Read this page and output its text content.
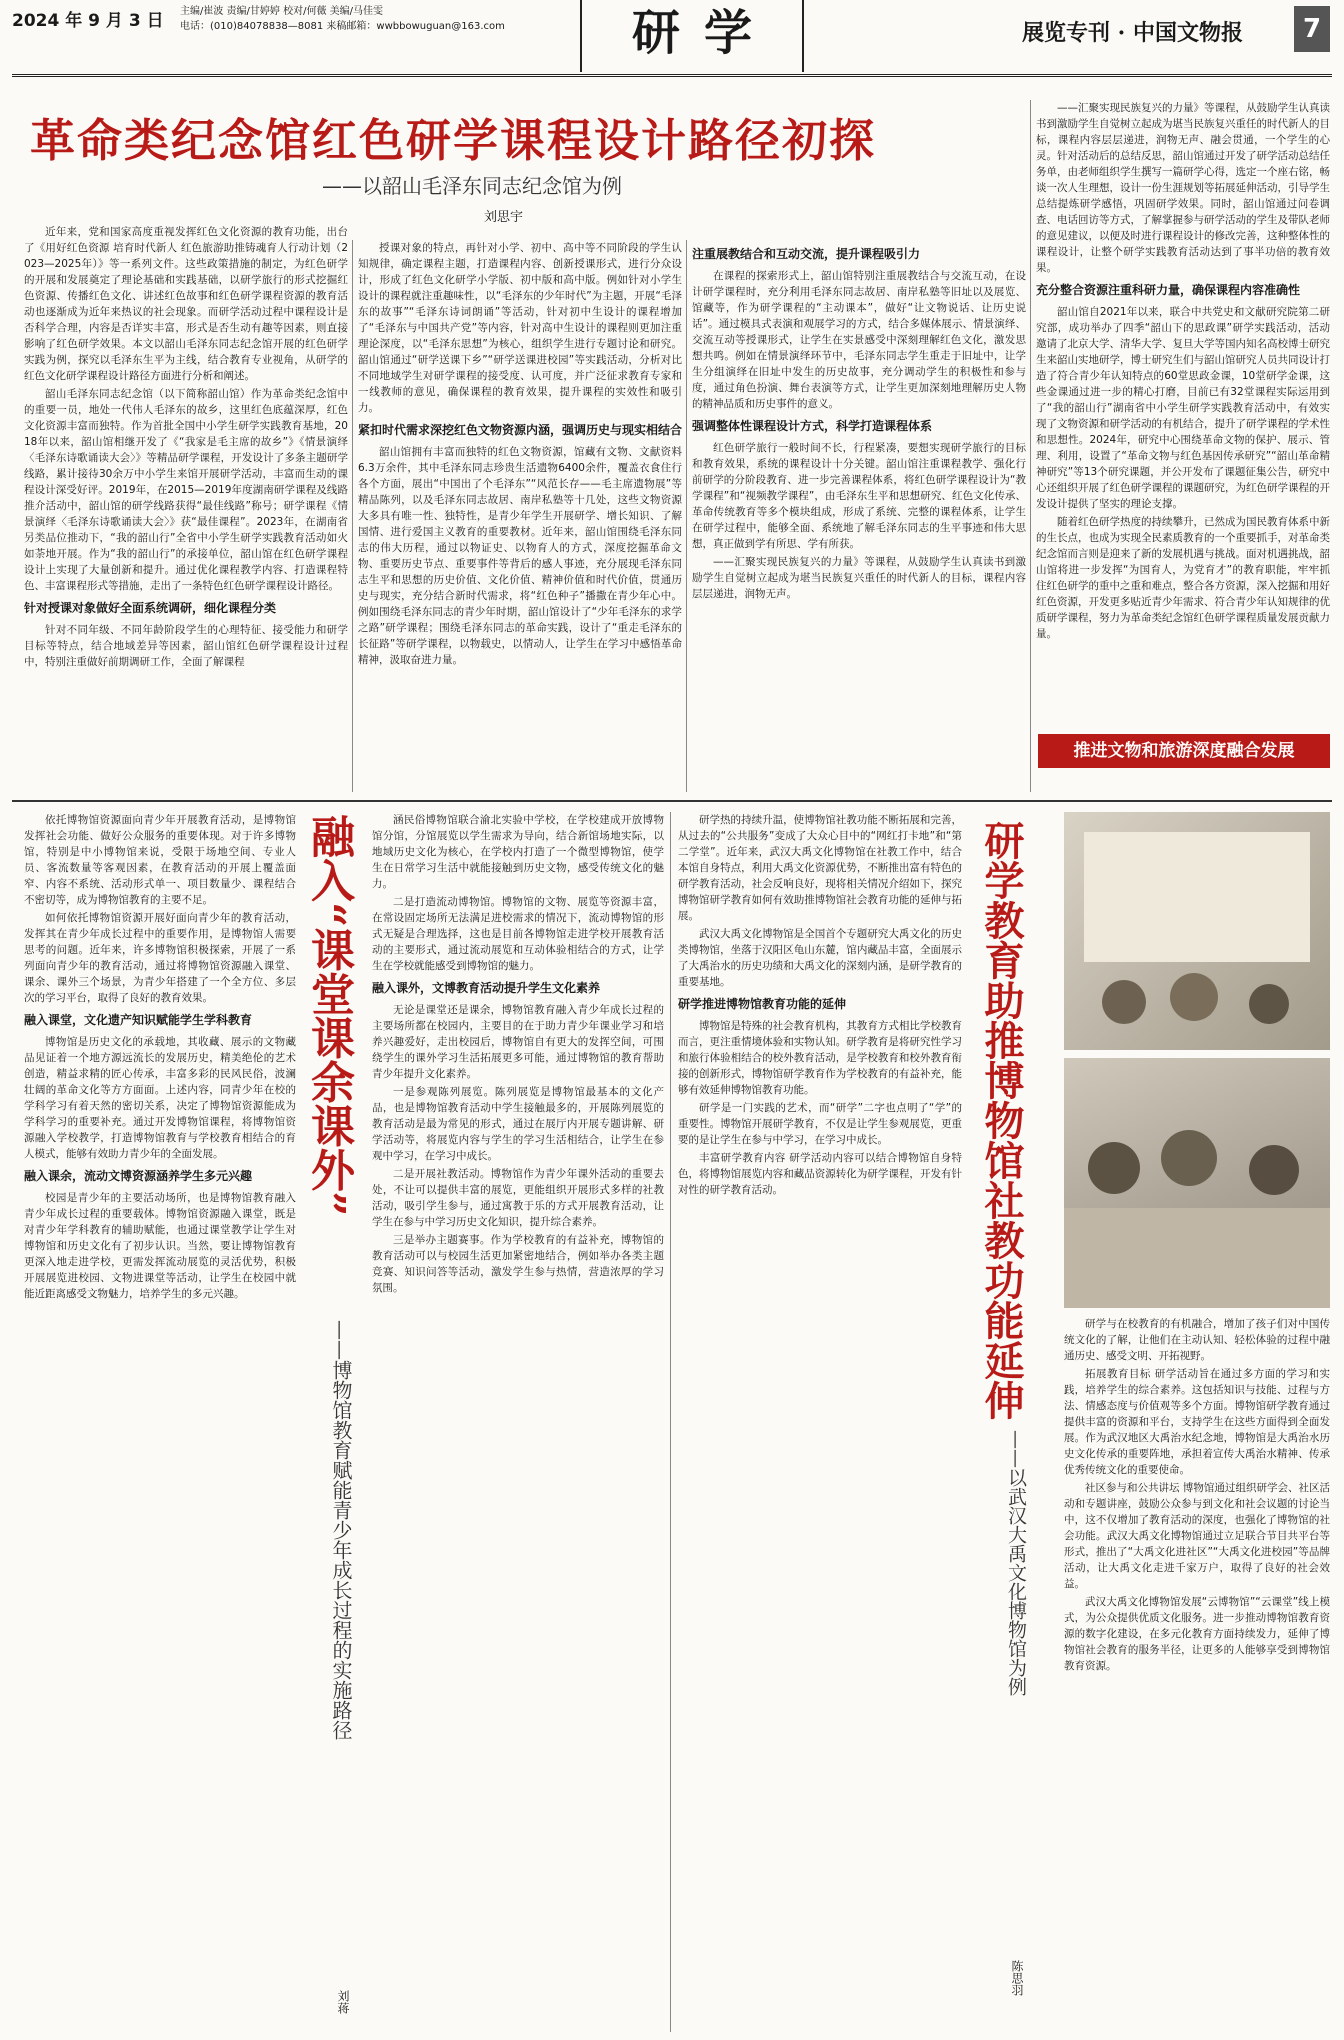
2024 年 9 月 3 日 主编/崔波 责编/甘婷婷 校对/何薇 美编/马佳雯
电话：(010)84078838—8081 来稿邮箱：wwbbowuguan@163.com	研学	展览专刊 · 中国文物报	7
革命类纪念馆红色研学课程设计路径初探
——以韶山毛泽东同志纪念馆为例
刘思宇

近年来，党和国家高度重视发挥红色文化资源的教育功能，出台了《用好红色资源 培育时代新人 红色旅游助推铸魂育人行动计划（2023—2025年）》等一系列文件。这些政策措施的制定，为红色研学的开展和发展奠定了理论基础和实践基础，以研学旅行的形式挖掘红色资源、传播红色文化、讲述红色故事和红色研学课程资源的教育活动也逐渐成为近年来热议的社会现象。而研学活动过程中课程设计是否科学合理，内容是否详实丰富，形式是否生动有趣等因素，则直接影响了红色研学效果。本文以韶山毛泽东同志纪念馆开展的红色研学实践为例，探究以毛泽东生平为主线，结合教育专业视角，从研学的红色文化研学课程设计路径方面进行分析和阐述。

韶山毛泽东同志纪念馆（以下简称韶山馆）作为革命类纪念馆中的重要一员，地处一代伟人毛泽东的故乡，这里红色底蕴深厚，红色文化资源丰富而独特。作为首批全国中小学生研学实践教育基地，2018年以来，韶山馆相继开发了《“我家是毛主席的故乡”》《情景演绎〈毛泽东诗歌诵读大会〉》等精品研学课程，开发设计了多条主题研学线路，累计接待30余万中小学生来馆开展研学活动，丰富而生动的课程设计深受好评。2019年，在2015—2019年度湖南研学课程及线路推介活动中，韶山馆的研学线路获得“最佳线路”称号；研学课程《情景演绎〈毛泽东诗歌诵读大会〉》获“最佳课程”。2023年，在湖南省另类品位推动下，“我的韶山行”全省中小学生研学实践教育活动如火如荼地开展。作为“我的韶山行”的承接单位，韶山馆在红色研学课程设计上实现了大量创新和提升。通过优化课程教学内容、打造课程特色、丰富课程形式等措施，走出了一条特色红色研学课程设计路径。

针对授课对象做好全面系统调研，细化课程分类

针对不同年级、不同年龄阶段学生的心理特征、接受能力和研学目标等特点，结合地域差异等因素，韶山馆红色研学课程设计过程中，特别注重做好前期调研工作，全面了解课程

授课对象的特点，再针对小学、初中、高中等不同阶段的学生认知规律，确定课程主题，打造课程内容、创新授课形式，进行分众设计，形成了红色文化研学小学版、初中版和高中版。例如针对小学生设计的课程就注重趣味性，以“毛泽东的少年时代”为主题，开展“毛泽东的故事”“毛泽东诗词朗诵”等活动，针对初中生设计的课程增加了“毛泽东与中国共产党”等内容，针对高中生设计的课程则更加注重理论深度，以“毛泽东思想”为核心，组织学生进行专题讨论和研究。韶山馆通过“研学送课下乡”“研学送课进校园”等实践活动，分析对比不同地域学生对研学课程的接受度、认可度，并广泛征求教育专家和一线教师的意见，确保课程的教育效果，提升课程的实效性和吸引力。

紧扣时代需求深挖红色文物资源内涵，强调历史与现实相结合

韶山馆拥有丰富而独特的红色文物资源，馆藏有文物、文献资料6.3万余件，其中毛泽东同志珍贵生活遗物6400余件，覆盖衣食住行各个方面，展出“中国出了个毛泽东”“风范长存——毛主席遗物展”等精品陈列，以及毛泽东同志故居、南岸私塾等十几处，这些文物资源大多具有唯一性、独特性，是青少年学生开展研学、增长知识、了解国情、进行爱国主义教育的重要教材。近年来，韶山馆围绕毛泽东同志的伟大历程，通过以物证史、以物育人的方式，深度挖掘革命文物、重要历史节点、重要事件等背后的感人事迹，充分展现毛泽东同志生平和思想的历史价值、文化价值、精神价值和时代价值，贯通历史与现实，充分结合新时代需求，将“红色种子”播撒在青少年心中。例如围绕毛泽东同志的青少年时期，韶山馆设计了“少年毛泽东的求学之路”研学课程；围绕毛泽东同志的革命实践，设计了“重走毛泽东的长征路”等研学课程，以物载史，以情动人，让学生在学习中感悟革命精神，汲取奋进力量。

注重展教结合和互动交流，提升课程吸引力

在课程的探索形式上，韶山馆特别注重展教结合与交流互动，在设计研学课程时，充分利用毛泽东同志故居、南岸私塾等旧址以及展览、馆藏等，作为研学课程的“主动课本”，做好“让文物说话、让历史说话”。通过模具式表演和观展学习的方式，结合多媒体展示、情景演绎、交流互动等授课形式，让学生在实景感受中深刻理解红色文化，激发思想共鸣。例如在情景演绎环节中，毛泽东同志学生重走于旧址中，让学生分组演绎在旧址中发生的历史故事，充分调动学生的积极性和参与度，通过角色扮演、舞台表演等方式，让学生更加深刻地理解历史人物的精神品质和历史事件的意义。

强调整体性课程设计方式，科学打造课程体系

红色研学旅行一般时间不长，行程紧凑，要想实现研学旅行的目标和教育效果，系统的课程设计十分关键。韶山馆注重课程教学、强化行前研学的分阶段教育、进一步完善课程体系，将红色研学课程设计为“教学课程”和“视频教学课程”，由毛泽东生平和思想研究、红色文化传承、革命传统教育等多个模块组成，形成了系统、完整的课程体系，让学生在研学过程中，能够全面、系统地了解毛泽东同志的生平事迹和伟大思想，真正做到学有所思、学有所获。

——汇聚实现民族复兴的力量》等课程，从鼓励学生认真读书到激励学生自觉树立起成为堪当民族复兴重任的时代新人的目标，课程内容层层递进，润物无声。

——汇聚实现民族复兴的力量》等课程，从鼓励学生认真读书到激励学生自觉树立起成为堪当民族复兴重任的时代新人的目标，课程内容层层递进，润物无声、融会贯通，一个学生的心灵。针对活动后的总结反思，韶山馆通过开发了研学活动总结任务单，由老师组织学生撰写一篇研学心得，选定一个座右铭，畅谈一次人生理想，设计一份生涯规划等拓展延伸活动，引导学生总结提炼研学感悟，巩固研学效果。同时，韶山馆通过问卷调查、电话回访等方式，了解掌握参与研学活动的学生及带队老师的意见建议，以便及时进行课程设计的修改完善，这种整体性的课程设计，让整个研学实践教育活动达到了事半功倍的教育效果。

充分整合资源注重科研力量，确保课程内容准确性

韶山馆自2021年以来，联合中共党史和文献研究院第二研究部，成功举办了四季“韶山下的思政课”研学实践活动，活动邀请了北京大学、清华大学、复旦大学等国内知名高校博士研究生来韶山实地研学，博士研究生们与韶山馆研究人员共同设计打造了符合青少年认知特点的60堂思政金课，10堂研学金课，这些金课通过进一步的精心打磨，目前已有32堂课程实际运用到了“我的韶山行”湖南省中小学生研学实践教育活动中，有效实现了文物资源和研学活动的有机结合，提升了研学课程的学术性和思想性。2024年，研究中心围绕革命文物的保护、展示、管理、利用，设置了“革命文物与红色基因传承研究”“韶山革命精神研究”等13个研究课题，并公开发布了课题征集公告，研究中心还组织开展了红色研学课程的课题研究，为红色研学课程的开发设计提供了坚实的理论支撑。

随着红色研学热度的持续攀升，已然成为国民教育体系中新的生长点，也成为实现全民素质教育的一个重要抓手，对革命类纪念馆而言则是迎来了新的发展机遇与挑战。面对机遇挑战，韶山馆将进一步发挥“为国育人，为党育才”的教育职能，牢牢抓住红色研学的重中之重和难点，整合各方资源，深入挖掘和用好红色资源，开发更多贴近青少年需求、符合青少年认知规律的优质研学课程，努力为革命类纪念馆红色研学课程质量发展贡献力量。

推进文物和旅游深度融合发展

依托博物馆资源面向青少年开展教育活动，是博物馆发挥社会功能、做好公众服务的重要体现。对于许多博物馆，特别是中小博物馆来说，受限于场地空间、专业人员、客流数量等客观因素，在教育活动的开展上覆盖面窄、内容不系统、活动形式单一、项目数量少、课程结合不密切等，成为博物馆教育的主要不足。

如何依托博物馆资源开展好面向青少年的教育活动，发挥其在青少年成长过程中的重要作用，是博物馆人需要思考的问题。近年来，许多博物馆积极探索，开展了一系列面向青少年的教育活动，通过将博物馆资源融入课堂、课余、课外三个场景，为青少年搭建了一个全方位、多层次的学习平台，取得了良好的教育效果。

融入课堂，文化遗产知识赋能学生学科教育

博物馆是历史文化的承载地，其收藏、展示的文物藏品见证着一个地方源远流长的发展历史，精美绝伦的艺术创造，精益求精的匠心传承，丰富多彩的民风民俗，波澜壮阔的革命文化等方方面面。上述内容，同青少年在校的学科学习有着天然的密切关系，决定了博物馆资源能成为学科学习的重要补充。通过开发博物馆课程，将博物馆资源融入学校教学，打造博物馆教育与学校教育相结合的育人模式，能够有效助力青少年的全面发展。

融入课余，流动文博资源涵养学生多元兴趣

校园是青少年的主要活动场所，也是博物馆教育融入青少年成长过程的重要载体。博物馆资源融入课堂，既是对青少年学科教育的辅助赋能，也通过课堂教学让学生对博物馆和历史文化有了初步认识。当然，要让博物馆教育更深入地走进学校，更需发挥流动展览的灵活优势，积极开展展览进校园、文物进课堂等活动，让学生在校园中就能近距离感受文物魅力，培养学生的多元兴趣。

融入“课堂课余课外”
——博物馆教育赋能青少年成长过程的实施路径
刘蒋

涵民俗博物馆联合渝北实验中学校，在学校建成开放博物馆分馆，分馆展览以学生需求为导向，结合新馆场地实际，以地域历史文化为核心，在学校内打造了一个微型博物馆，使学生在日常学习生活中就能接触到历史文物，感受传统文化的魅力。

二是打造流动博物馆。博物馆的文物、展览等资源丰富，在常设固定场所无法满足进校需求的情况下，流动博物馆的形式无疑是合理选择，这也是目前各博物馆走进学校开展教育活动的主要形式，通过流动展览和互动体验相结合的方式，让学生在学校就能感受到博物馆的魅力。

融入课外，文博教育活动提升学生文化素养

无论是课堂还是课余，博物馆教育融入青少年成长过程的主要场所都在校园内，主要目的在于助力青少年课业学习和培养兴趣爱好，走出校园后，博物馆自有更大的发挥空间，可围绕学生的课外学习生活拓展更多可能，通过博物馆的教育帮助青少年提升文化素养。

一是参观陈列展览。陈列展览是博物馆最基本的文化产品，也是博物馆教育活动中学生接触最多的，开展陈列展览的教育活动是最为常见的形式，通过在展厅内开展专题讲解、研学活动等，将展览内容与学生的学习生活相结合，让学生在参观中学习，在学习中成长。

二是开展社教活动。博物馆作为青少年课外活动的重要去处，不让可以提供丰富的展览，更能组织开展形式多样的社教活动，吸引学生参与，通过寓教于乐的方式开展教育活动，让学生在参与中学习历史文化知识，提升综合素养。

三是举办主题赛事。作为学校教育的有益补充，博物馆的教育活动可以与校园生活更加紧密地结合，例如举办各类主题竞赛、知识问答等活动，激发学生参与热情，营造浓厚的学习氛围。

研学热的持续升温，使博物馆社教功能不断拓展和完善，从过去的“公共服务”变成了大众心目中的“网红打卡地”和“第二学堂”。近年来，武汉大禹文化博物馆在社教工作中，结合本馆自身特点，利用大禹文化资源优势，不断推出富有特色的研学教育活动，社会反响良好，现将相关情况介绍如下，探究博物馆研学教育如何有效助推博物馆社会教育功能的延伸与拓展。

武汉大禹文化博物馆是全国首个专题研究大禹文化的历史类博物馆，坐落于汉阳区龟山东麓，馆内藏品丰富，全面展示了大禹治水的历史功绩和大禹文化的深刻内涵，是研学教育的重要基地。

研学推进博物馆教育功能的延伸

博物馆是特殊的社会教育机构，其教育方式相比学校教育而言，更注重情境体验和实物认知。研学教育是将研究性学习和旅行体验相结合的校外教育活动，是学校教育和校外教育衔接的创新形式，博物馆研学教育作为学校教育的有益补充，能够有效延伸博物馆教育功能。

研学是一门实践的艺术，而“研学”二字也点明了“学”的重要性。博物馆开展研学教育，不仅是让学生参观展览，更重要的是让学生在参与中学习，在学习中成长。

丰富研学教育内容 研学活动内容可以结合博物馆自身特色，将博物馆展览内容和藏品资源转化为研学课程，开发有针对性的研学教育活动。	研学教育助推博物馆社教功能延伸
——以武汉大禹文化博物馆为例
陈思羽

研学与在校教育的有机融合，增加了孩子们对中国传统文化的了解，让他们在主动认知、轻松体验的过程中融通历史、感受文明、开拓视野。

拓展教育目标 研学活动旨在通过多方面的学习和实践，培养学生的综合素养。这包括知识与技能、过程与方法、情感态度与价值观等多个方面。博物馆研学教育通过提供丰富的资源和平台，支持学生在这些方面得到全面发展。作为武汉地区大禹治水纪念地，博物馆是大禹治水历史文化传承的重要阵地，承担着宣传大禹治水精神、传承优秀传统文化的重要使命。

社区参与和公共讲坛 博物馆通过组织研学会、社区活动和专题讲座，鼓励公众参与到文化和社会议题的讨论当中，这不仅增加了教育活动的深度，也强化了博物馆的社会功能。武汉大禹文化博物馆通过立足联合节目共平台等形式，推出了“大禹文化进社区”“大禹文化进校园”等品牌活动，让大禹文化走进千家万户，取得了良好的社会效益。

武汉大禹文化博物馆发展“云博物馆”“云课堂”线上模式，为公众提供优质文化服务。进一步推动博物馆教育资源的数字化建设，在多元化教育方面持续发力，延伸了博物馆社会教育的服务半径，让更多的人能够享受到博物馆教育资源。
